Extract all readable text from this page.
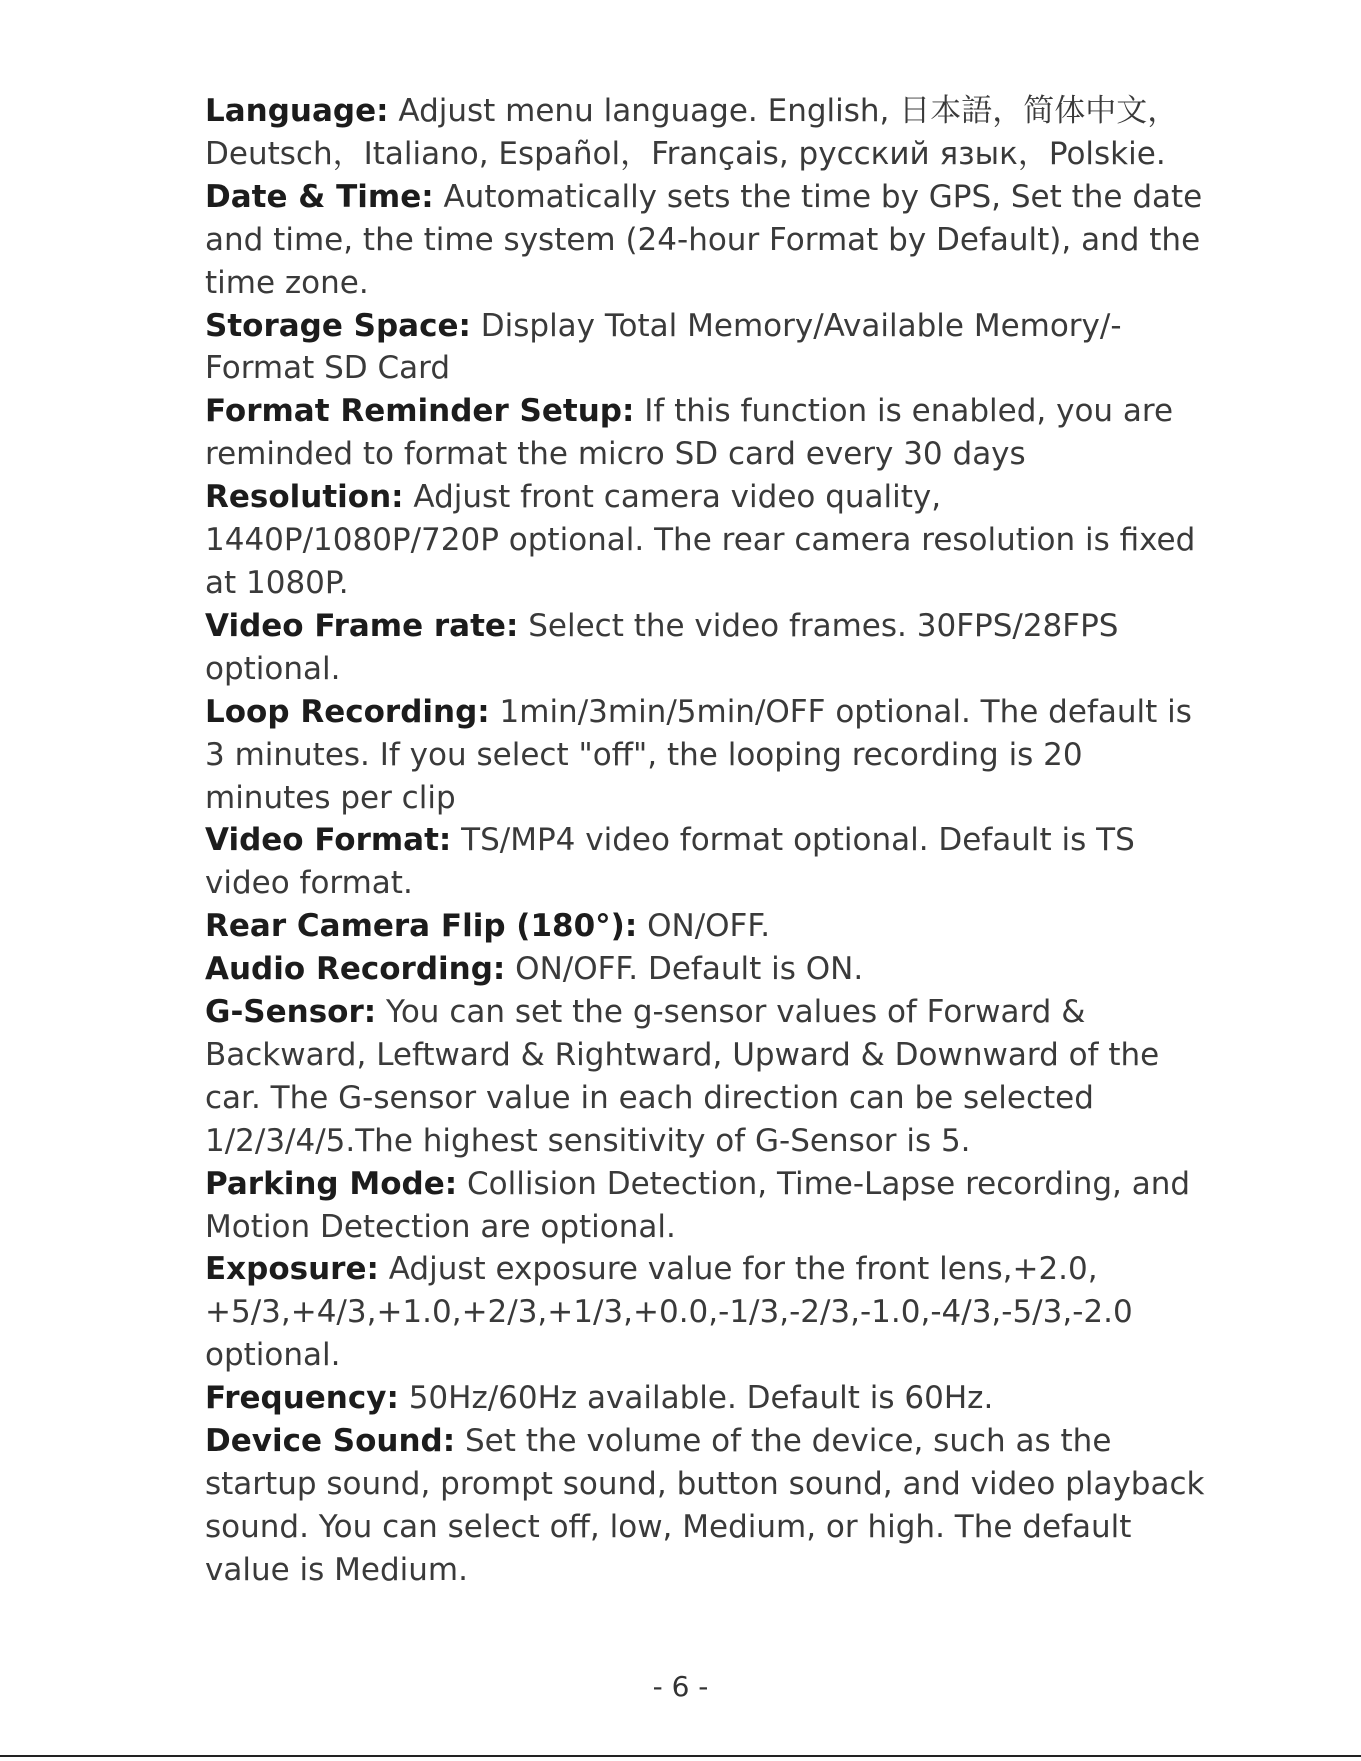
Language: Adjust menu language. English, 日本語，简体中文，Deutsch，Italiano, Español，Français, русский язык，Polskie.

Date & Time: Automatically sets the time by GPS, Set the date and time, the time system (24-hour Format by Default), and the time zone.

Storage Space: Display Total Memory/Available Memory/-Format SD Card

Format Reminder Setup: If this function is enabled, you are reminded to format the micro SD card every 30 days

Resolution: Adjust front camera video quality, 1440P/1080P/720P optional. The rear camera resolution is fixed at 1080P.

Video Frame rate: Select the video frames. 30FPS/28FPS optional.

Loop Recording: 1min/3min/5min/OFF optional. The default is 3 minutes. If you select "off", the looping recording is 20 minutes per clip

Video Format: TS/MP4 video format optional. Default is TS video format.

Rear Camera Flip (180°): ON/OFF.

Audio Recording: ON/OFF. Default is ON.

G-Sensor: You can set the g-sensor values of Forward & Backward, Leftward & Rightward, Upward & Downward of the car. The G-sensor value in each direction can be selected 1/2/3/4/5.The highest sensitivity of G-Sensor is 5.

Parking Mode: Collision Detection, Time-Lapse recording, and Motion Detection are optional.

Exposure: Adjust exposure value for the front lens,+2.0, +5/3,+4/3,+1.0,+2/3,+1/3,+0.0,-1/3,-2/3,-1.0,-4/3,-5/3,-2.0 optional.

Frequency: 50Hz/60Hz available. Default is 60Hz.

Device Sound: Set the volume of the device, such as the startup sound, prompt sound, button sound, and video playback sound. You can select off, low, Medium, or high. The default value is Medium.

- 6 -
